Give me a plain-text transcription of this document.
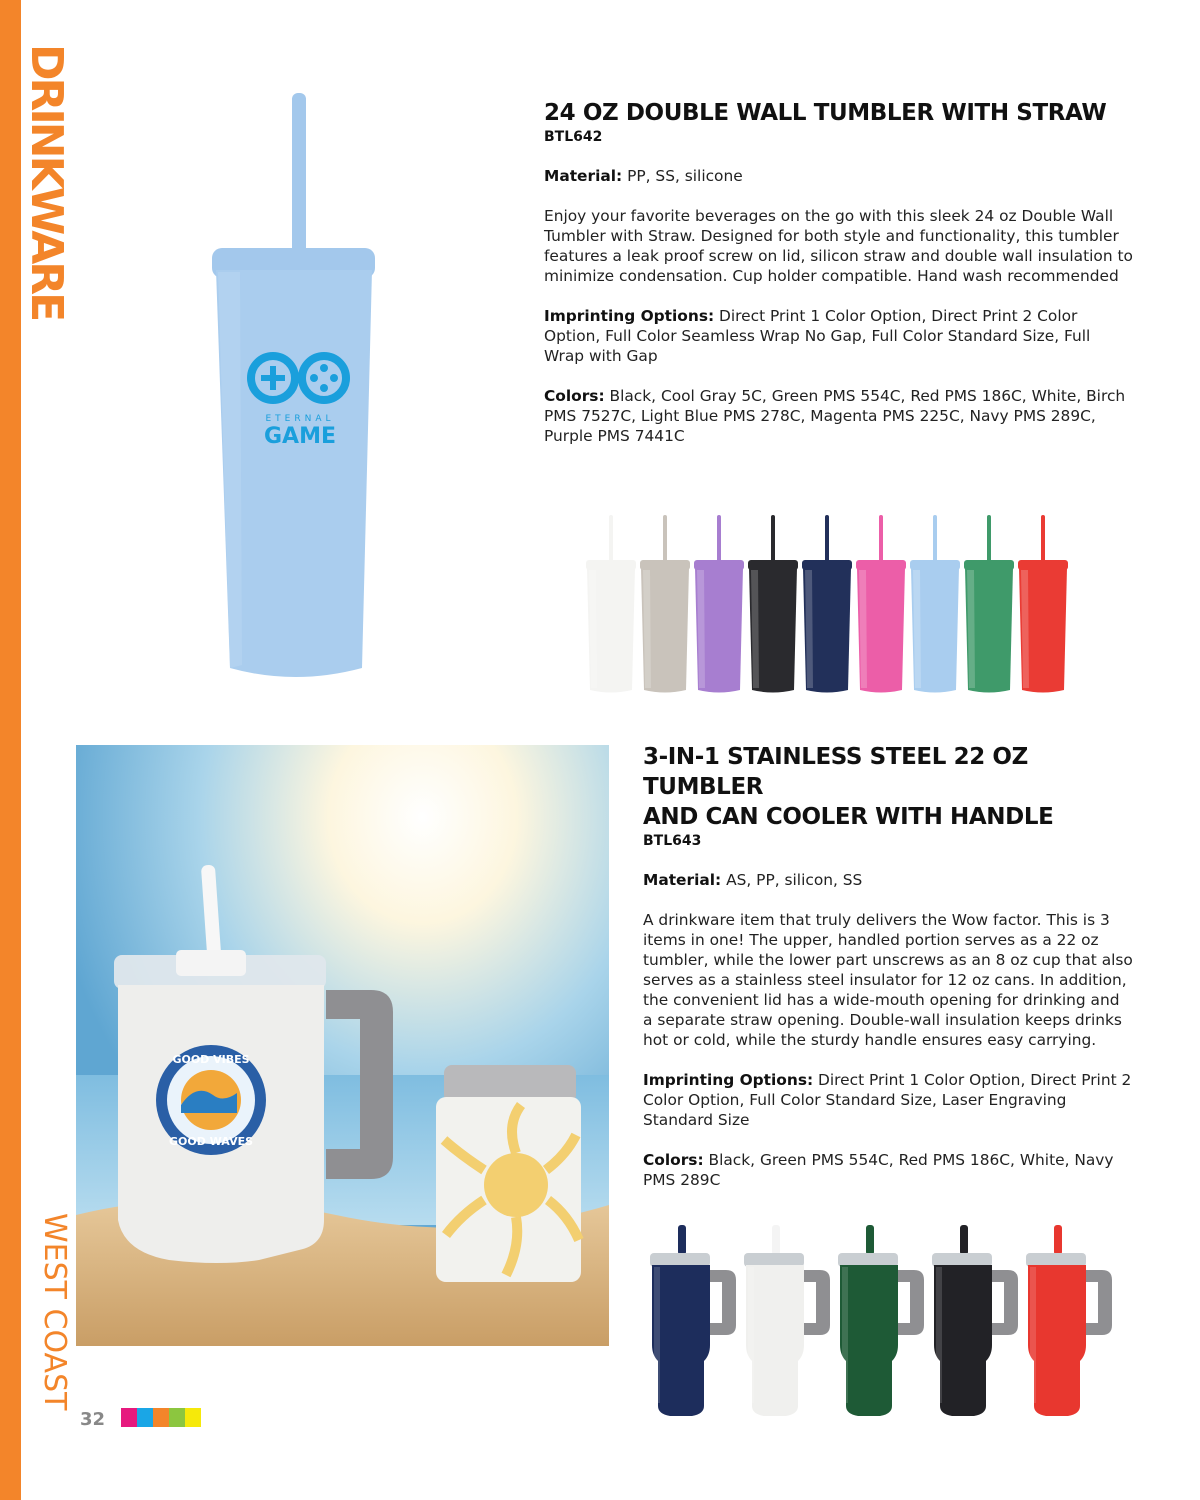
DRINKWARE
WEST COAST
ETERNAL
GAME
24 OZ DOUBLE WALL TUMBLER WITH STRAW
BTL642

Material: PP, SS, silicone

Enjoy your favorite beverages on the go with this sleek 24 oz Double Wall Tumbler with Straw. Designed for both style and functionality, this tumbler features a leak proof screw on lid, silicon straw and double wall insulation to minimize condensation. Cup holder compatible. Hand wash recommended

Imprinting Options: Direct Print 1 Color Option, Direct Print 2 Color Option, Full Color Seamless Wrap No Gap, Full Color Standard Size, Full Wrap with Gap

Colors: Black, Cool Gray 5C, Green PMS 554C, Red PMS 186C, White, Birch PMS 7527C, Light Blue PMS 278C, Magenta PMS 225C, Navy PMS 289C, Purple PMS 7441C

GOOD VIBES
GOOD WAVES
3-IN-1 STAINLESS STEEL 22 OZ TUMBLER
AND CAN COOLER WITH HANDLE
BTL643

Material: AS, PP, silicon, SS

A drinkware item that truly delivers the Wow factor. This is 3 items in one! The upper, handled portion serves as a 22 oz tumbler, while the lower part unscrews as an 8 oz cup that also serves as a stainless steel insulator for 12 oz cans. In addition, the convenient lid has a wide-mouth opening for drinking and a separate straw opening. Double-wall insulation keeps drinks hot or cold, while the sturdy handle ensures easy carrying.

Imprinting Options: Direct Print 1 Color Option, Direct Print 2 Color Option, Full Color Standard Size, Laser Engraving Standard Size

Colors: Black, Green PMS 554C, Red PMS 186C, White, Navy PMS 289C

32
